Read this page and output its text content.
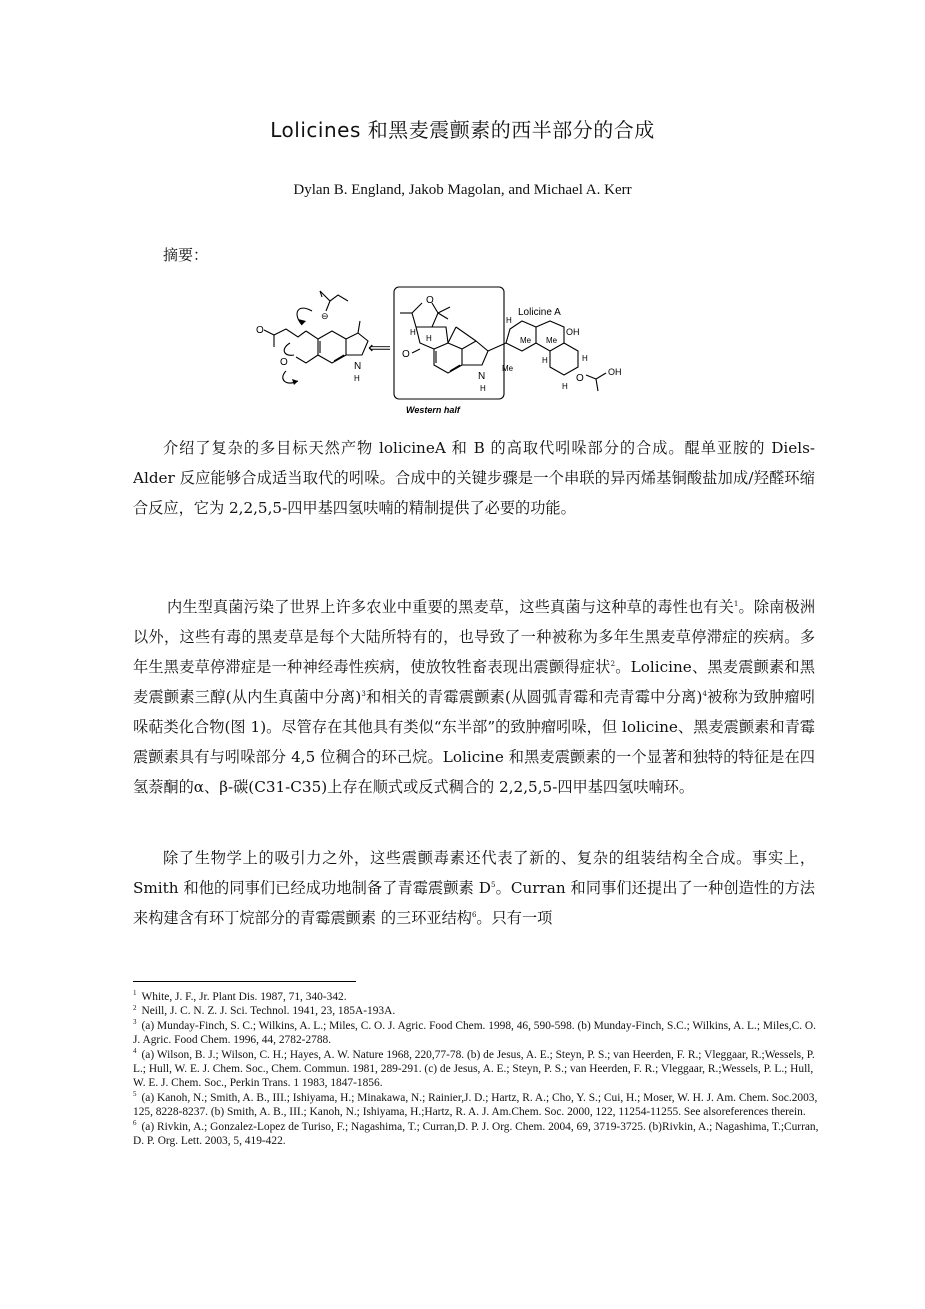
Lolicines 和黑麦震颤素的西半部分的合成
Dylan B. England, Jakob Magolan, and Michael A. Kerr
摘要：
⊖
O
N
H
O
⟸
Western half
O
H
H
O
N
H
H
Me
Me Me
OH
H
H
O
H
OH
Lolicine A
介绍了复杂的多目标天然产物 lolicineA 和 B 的高取代吲哚部分的合成。醌单亚胺的 Diels-Alder 反应能够合成适当取代的吲哚。合成中的关键步骤是一个串联的异丙烯基铜酸盐加成/羟醛环缩合反应，它为 2,2,5,5-四甲基四氢呋喃的精制提供了必要的功能。
内生型真菌污染了世界上许多农业中重要的黑麦草，这些真菌与这种草的毒性也有关$^1$。除南极洲以外，这些有毒的黑麦草是每个大陆所特有的，也导致了一种被称为多年生黑麦草停滞症的疾病。多年生黑麦草停滞症是一种神经毒性疾病，使放牧牲畜表现出震颤得症状$^2$。Lolicine、黑麦震颤素和黑麦震颤素三醇(从内生真菌中分离)$^3$和相关的青霉震颤素(从圆弧青霉和壳青霉中分离)$^4$被称为致肿瘤吲哚萜类化合物(图 1)。尽管存在其他具有类似“东半部”的致肿瘤吲哚，但 lolicine、黑麦震颤素和青霉震颤素具有与吲哚部分 4,5 位稠合的环己烷。Lolicine 和黑麦震颤素的一个显著和独特的特征是在四氢萘酮的α、β-碳(C31-C35)上存在顺式或反式稠合的 2,2,5,5-四甲基四氢呋喃环。
除了生物学上的吸引力之外，这些震颤毒素还代表了新的、复杂的组装结构全合成。事实上，Smith 和他的同事们已经成功地制备了青霉震颤素 $D^5$。Curran 和同事们还提出了一种创造性的方法来构建含有环丁烷部分的青霉震颤素 的三环亚结构$^6$。只有一项

$^1$ White, J. F., Jr. Plant Dis. 1987, 71, 340-342.

$^2$ Neill, J. C. N. Z. J. Sci. Technol. 1941, 23, 185A-193A.

$^3$ (a) Munday-Finch, S. C.; Wilkins, A. L.; Miles, C. O. J. Agric. Food Chem. 1998, 46, 590-598. (b) Munday-Finch, S.C.; Wilkins, A. L.; Miles,C. O. J. Agric. Food Chem. 1996, 44, 2782-2788.

$^4$ (a) Wilson, B. J.; Wilson, C. H.; Hayes, A. W. Nature 1968, 220,77-78. (b) de Jesus, A. E.; Steyn, P. S.; van Heerden, F. R.; Vleggaar, R.;Wessels, P. L.; Hull, W. E. J. Chem. Soc., Chem. Commun. 1981, 289-291. (c) de Jesus, A. E.; Steyn, P. S.; van Heerden, F. R.; Vleggaar, R.;Wessels, P. L.; Hull, W. E. J. Chem. Soc., Perkin Trans. 1 1983, 1847-1856.

$^5$ (a) Kanoh, N.; Smith, A. B., III.; Ishiyama, H.; Minakawa, N.; Rainier,J. D.; Hartz, R. A.; Cho, Y. S.; Cui, H.; Moser, W. H. J. Am. Chem. Soc.2003, 125, 8228-8237. (b) Smith, A. B., III.; Kanoh, N.; Ishiyama, H.;Hartz, R. A. J. Am.Chem. Soc. 2000, 122, 11254-11255. See alsoreferences therein.

$^6$ (a) Rivkin, A.; Gonzalez-Lopez de Turiso, F.; Nagashima, T.; Curran,D. P. J. Org. Chem. 2004, 69, 3719-3725. (b)Rivkin, A.; Nagashima, T.;Curran, D. P. Org. Lett. 2003, 5, 419-422.
